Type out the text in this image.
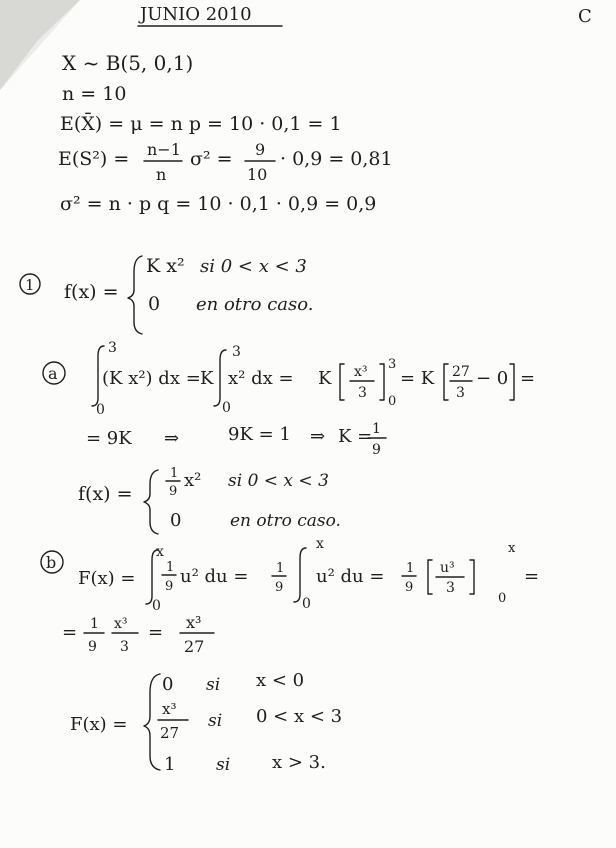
JUNIO 2010	C
X ~ B(5, 0,1)
n = 10
E(X̄) = μ = n p = 10 · 0,1 = 1
E(S²) = n−1
n
σ² = 9
10
· 0,9 = 0,81
σ² = n · p q = 10 · 0,1 · 0,9 = 0,9
1 f(x) =
K x² si 0 < x < 3
0 en otro caso.
a
3
0
(K x²) dx = K
3
0
x² dx = K x³
3
3
0
= K 27
3
− 0 =
= 9K ⇒	9K = 1 ⇒ K = 1
9
f(x) =
1
9
x² si 0 < x < 3
0	en otro caso.
b
F(x) =
x
0
1
9 u² du = 1
9
x
0
u² du = 1
9
u³
3
x
0
=
= 1
9
x³
3
= x³
27
F(x) =
0 si x < 0
x³
27
si 0 < x < 3
1 si x > 3.
